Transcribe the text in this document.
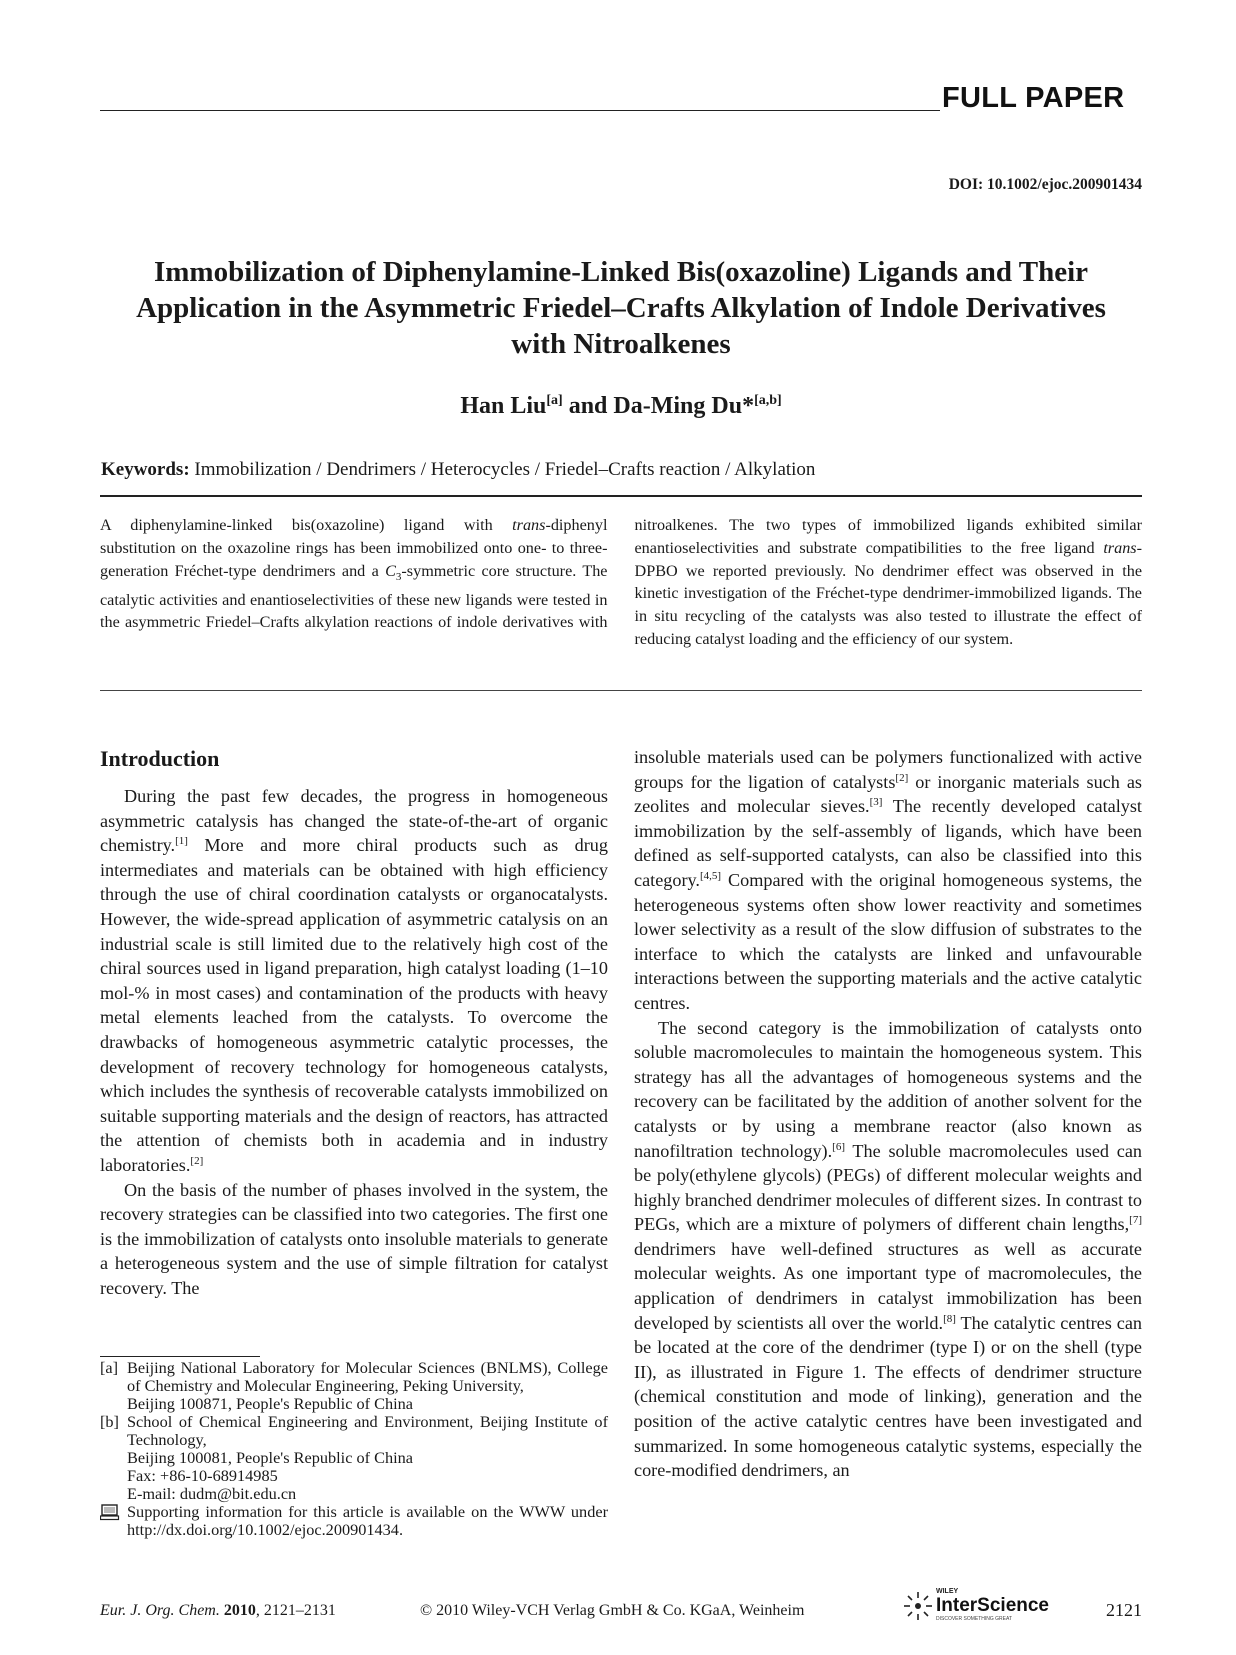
FULL PAPER
DOI: 10.1002/ejoc.200901434
Immobilization of Diphenylamine-Linked Bis(oxazoline) Ligands and Their
Application in the Asymmetric Friedel–Crafts Alkylation of Indole Derivatives
with Nitroalkenes
Han Liu[a] and Da-Ming Du*[a,b]
Keywords: Immobilization / Dendrimers / Heterocycles / Friedel–Crafts reaction / Alkylation
A diphenylamine-linked bis(oxazoline) ligand with trans-diphenyl substitution on the oxazoline rings has been immobilized onto one- to three-generation Fréchet-type dendrimers and a $C_3$-symmetric core structure. The catalytic activities and enantioselectivities of these new ligands were tested in the asymmetric Friedel–Crafts alkylation reactions of indole derivatives with nitroalkenes. The two types of immobilized ligands exhibited similar enantioselectivities and substrate compatibilities to the free ligand trans-DPBO we reported previously. No dendrimer effect was observed in the kinetic investigation of the Fréchet-type dendrimer-immobilized ligands. The in situ recycling of the catalysts was also tested to illustrate the effect of reducing catalyst loading and the efficiency of our system.
Introduction

During the past few decades, the progress in homogeneous asymmetric catalysis has changed the state-of-the-art of organic chemistry.[1] More and more chiral products such as drug intermediates and materials can be obtained with high efficiency through the use of chiral coordination catalysts or organocatalysts. However, the wide-spread application of asymmetric catalysis on an industrial scale is still limited due to the relatively high cost of the chiral sources used in ligand preparation, high catalyst loading (1–10 mol-% in most cases) and contamination of the products with heavy metal elements leached from the catalysts. To overcome the drawbacks of homogeneous asymmetric catalytic processes, the development of recovery technology for homogeneous catalysts, which includes the synthesis of recoverable catalysts immobilized on suitable supporting materials and the design of reactors, has attracted the attention of chemists both in academia and in industry laboratories.[2]

On the basis of the number of phases involved in the system, the recovery strategies can be classified into two categories. The first one is the immobilization of catalysts onto insoluble materials to generate a heterogeneous system and the use of simple filtration for catalyst recovery. The

insoluble materials used can be polymers functionalized with active groups for the ligation of catalysts[2] or inorganic materials such as zeolites and molecular sieves.[3] The recently developed catalyst immobilization by the self-assembly of ligands, which have been defined as self-supported catalysts, can also be classified into this category.[4,5] Compared with the original homogeneous systems, the heterogeneous systems often show lower reactivity and sometimes lower selectivity as a result of the slow diffusion of substrates to the interface to which the catalysts are linked and unfavourable interactions between the supporting materials and the active catalytic centres.

The second category is the immobilization of catalysts onto soluble macromolecules to maintain the homogeneous system. This strategy has all the advantages of homogeneous systems and the recovery can be facilitated by the addition of another solvent for the catalysts or by using a membrane reactor (also known as nanofiltration technology).[6] The soluble macromolecules used can be poly(ethylene glycols) (PEGs) of different molecular weights and highly branched dendrimer molecules of different sizes. In contrast to PEGs, which are a mixture of polymers of different chain lengths,[7] dendrimers have well-defined structures as well as accurate molecular weights. As one important type of macromolecules, the application of dendrimers in catalyst immobilization has been developed by scientists all over the world.[8] The catalytic centres can be located at the core of the dendrimer (type I) or on the shell (type II), as illustrated in Figure 1. The effects of dendrimer structure (chemical constitution and mode of linking), generation and the position of the active catalytic centres have been investigated and summarized. In some homogeneous catalytic systems, especially the core-modified dendrimers, an

[a] Beijing National Laboratory for Molecular Sciences (BNLMS), College of Chemistry and Molecular Engineering, Peking University,
Beijing 100871, People's Republic of China
[b] School of Chemical Engineering and Environment, Beijing Institute of Technology,
Beijing 100081, People's Republic of China
Fax: +86-10-68914985
E-mail: dudm@bit.edu.cn
Supporting information for this article is available on the WWW under http://dx.doi.org/10.1002/ejoc.200901434.
Eur. J. Org. Chem. 2010, 2121–2131	© 2010 Wiley-VCH Verlag GmbH & Co. KGaA, Weinheim
WILEY
InterScience
DISCOVER SOMETHING GREAT	2121
